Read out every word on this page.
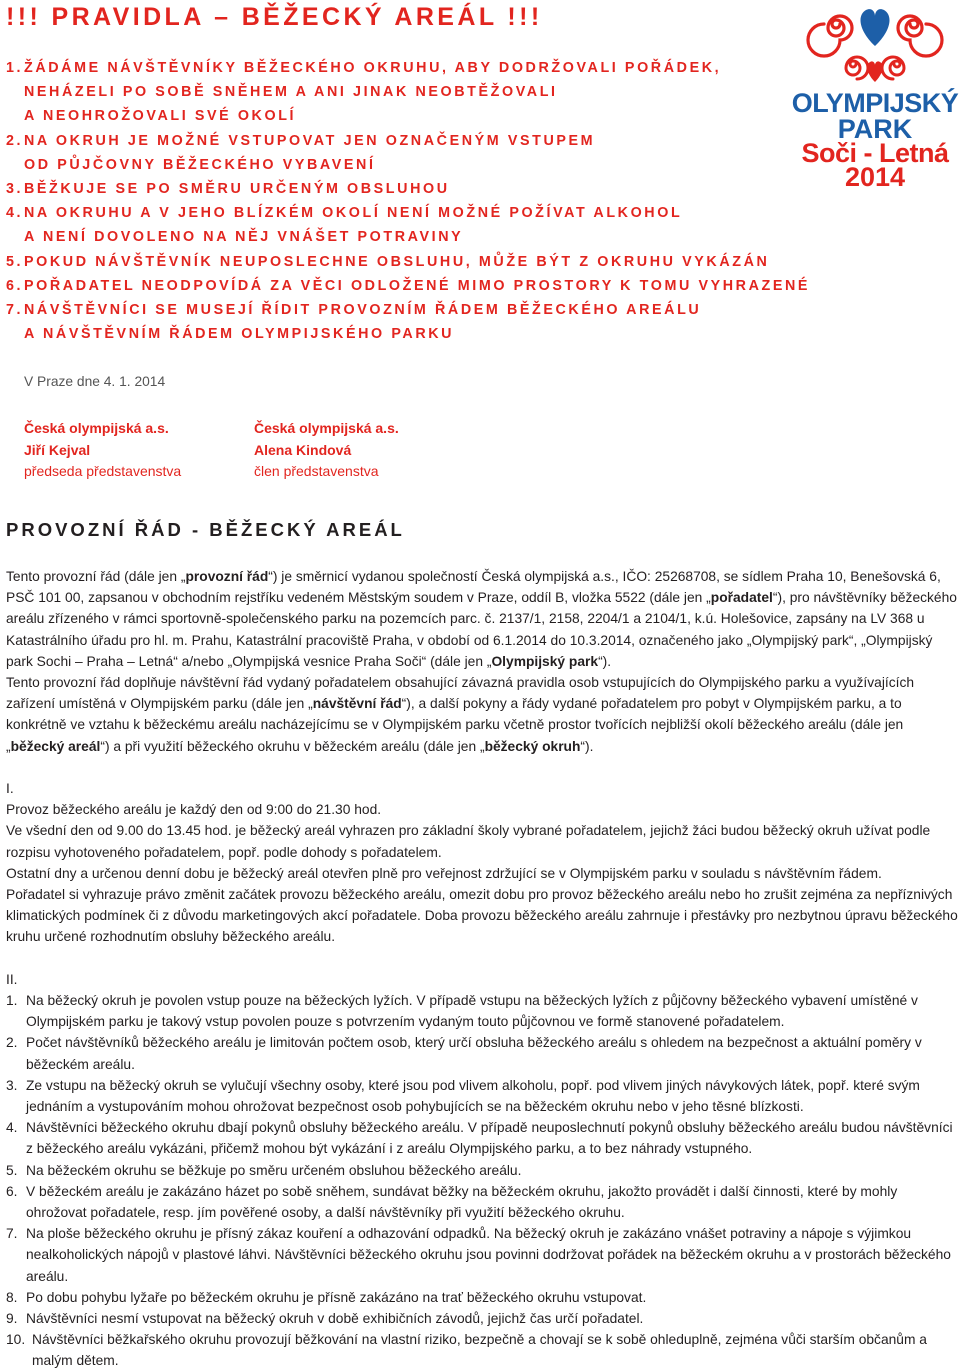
!!! PRAVIDLA – BĚŽECKÝ AREÁL !!!
1. ŽÁDÁME NÁVŠTĚVNÍKY BĚŽECKÉHO OKRUHU, ABY DODRŽOVALI POŘÁDEK,
NEHÁZELI PO SOBĚ SNĚHEM A ANI JINAK NEOBTĚŽOVALI
A NEOHROŽOVALI SVÉ OKOLÍ
2. NA OKRUH JE MOŽNÉ VSTUPOVAT JEN OZNAČENÝM VSTUPEM
OD PŮJČOVNY BĚŽECKÉHO VYBAVENÍ
3. BĚŽKUJE SE PO SMĚRU URČENÝM OBSLUHOU
4. NA OKRUHU A V JEHO BLÍZKÉM OKOLÍ NENÍ MOŽNÉ POŽÍVAT ALKOHOL
A NENÍ DOVOLENO NA NĚJ VNÁŠET POTRAVINY
5. POKUD NÁVŠTĚVNÍK NEUPOSLECHNE OBSLUHU, MŮŽE BÝT Z OKRUHU VYKÁZÁN
6. POŘADATEL NEODPOVÍDÁ ZA VĚCI ODLOŽENÉ MIMO PROSTORY K TOMU VYHRAZENÉ
7. NÁVŠTĚVNÍCI SE MUSEJÍ ŘÍDIT PROVOZNÍM ŘÁDEM BĚŽECKÉHO AREÁLU
A NÁVŠTĚVNÍM ŘÁDEM OLYMPIJSKÉHO PARKU
OLYMPIJSKÝ
PARK
Soči - Letná
2014
V Praze dne 4. 1. 2014
Česká olympijská a.s.
Jiří Kejval
předseda představenstva
Česká olympijská a.s.
Alena Kindová
člen představenstva
PROVOZNÍ ŘÁD - BĚŽECKÝ AREÁL

Tento provozní řád (dále jen „provozní řád“) je směrnicí vydanou společností Česká olympijská a.s., IČO: 25268708, se sídlem Praha 10, Benešovská 6, PSČ 101 00, zapsanou v obchodním rejstříku vedeném Městským soudem v Praze, oddíl B, vložka 5522 (dále jen „pořadatel“), pro návštěvníky běžeckého areálu zřízeného v rámci sportovně-společenského parku na pozemcích parc. č. 2137/1, 2158, 2204/1 a 2104/1, k.ú. Holešovice, zapsány na LV 368 u Katastrálního úřadu pro hl. m. Prahu, Katastrální pracoviště Praha, v období od 6.1.2014 do 10.3.2014, označeného jako „Olympijský park“, „Olympijský park Sochi – Praha – Letná“ a/nebo „Olympijská vesnice Praha Soči“ (dále jen „Olympijský park“).

Tento provozní řád doplňuje návštěvní řád vydaný pořadatelem obsahující závazná pravidla osob vstupujících do Olympijského parku a využívajících zařízení umístěná v Olympijském parku (dále jen „návštěvní řád“), a další pokyny a řády vydané pořadatelem pro pobyt v Olympijském parku, a to konkrétně ve vztahu k běžeckému areálu nacházejícímu se v Olympijském parku včetně prostor tvořících nejbližší okolí běžeckého areálu (dále jen „běžecký areál“) a při využití běžeckého okruhu v běžeckém areálu (dále jen „běžecký okruh“).

I.

Provoz běžeckého areálu je každý den od 9:00 do 21.30 hod.

Ve všední den od 9.00 do 13.45 hod. je běžecký areál vyhrazen pro základní školy vybrané pořadatelem, jejichž žáci budou běžecký okruh užívat podle rozpisu vyhotoveného pořadatelem, popř. podle dohody s pořadatelem.

Ostatní dny a určenou denní dobu je běžecký areál otevřen plně pro veřejnost zdržující se v Olympijském parku v souladu s návštěvním řádem.

Pořadatel si vyhrazuje právo změnit začátek provozu běžeckého areálu, omezit dobu pro provoz běžeckého areálu nebo ho zrušit zejména za nepříznivých klimatických podmínek či z důvodu marketingových akcí pořadatele. Doba provozu běžeckého areálu zahrnuje i přestávky pro nezbytnou úpravu běžeckého kruhu určené rozhodnutím obsluhy běžeckého areálu.

II.

1. Na běžecký okruh je povolen vstup pouze na běžeckých lyžích. V případě vstupu na běžeckých lyžích z půjčovny běžeckého vybavení umístěné v Olympijském parku je takový vstup povolen pouze s potvrzením vydaným touto půjčovnou ve formě stanovené pořadatelem.
2. Počet návštěvníků běžeckého areálu je limitován počtem osob, který určí obsluha běžeckého areálu s ohledem na bezpečnost a aktuální poměry v běžeckém areálu.
3. Ze vstupu na běžecký okruh se vylučují všechny osoby, které jsou pod vlivem alkoholu, popř. pod vlivem jiných návykových látek, popř. které svým jednáním a vystupováním mohou ohrožovat bezpečnost osob pohybujících se na běžeckém okruhu nebo v jeho těsné blízkosti.
4. Návštěvníci běžeckého okruhu dbají pokynů obsluhy běžeckého areálu. V případě neuposlechnutí pokynů obsluhy běžeckého areálu budou návštěvníci z běžeckého areálu vykázáni, přičemž mohou být vykázání i z areálu Olympijského parku, a to bez náhrady vstupného.
5. Na běžeckém okruhu se běžkuje po směru určeném obsluhou běžeckého areálu.
6. V běžeckém areálu je zakázáno házet po sobě sněhem, sundávat běžky na běžeckém okruhu, jakožto provádět i další činnosti, které by mohly ohrožovat pořadatele, resp. jím pověřené osoby, a další návštěvníky při využití běžeckého okruhu.
7. Na ploše běžeckého okruhu je přísný zákaz kouření a odhazování odpadků. Na běžecký okruh je zakázáno vnášet potraviny a nápoje s výjimkou nealkoholických nápojů v plastové láhvi. Návštěvníci běžeckého okruhu jsou povinni dodržovat pořádek na běžeckém okruhu a v prostorách běžeckého areálu.
8. Po dobu pohybu lyžaře po běžeckém okruhu je přísně zakázáno na trať běžeckého okruhu vstupovat.
9. Návštěvníci nesmí vstupovat na běžecký okruh v době exhibičních závodů, jejichž čas určí pořadatel.
10. Návštěvníci běžkařského okruhu provozují běžkování na vlastní riziko, bezpečně a chovají se k sobě ohleduplně, zejména vůči starším občanům a malým dětem.
